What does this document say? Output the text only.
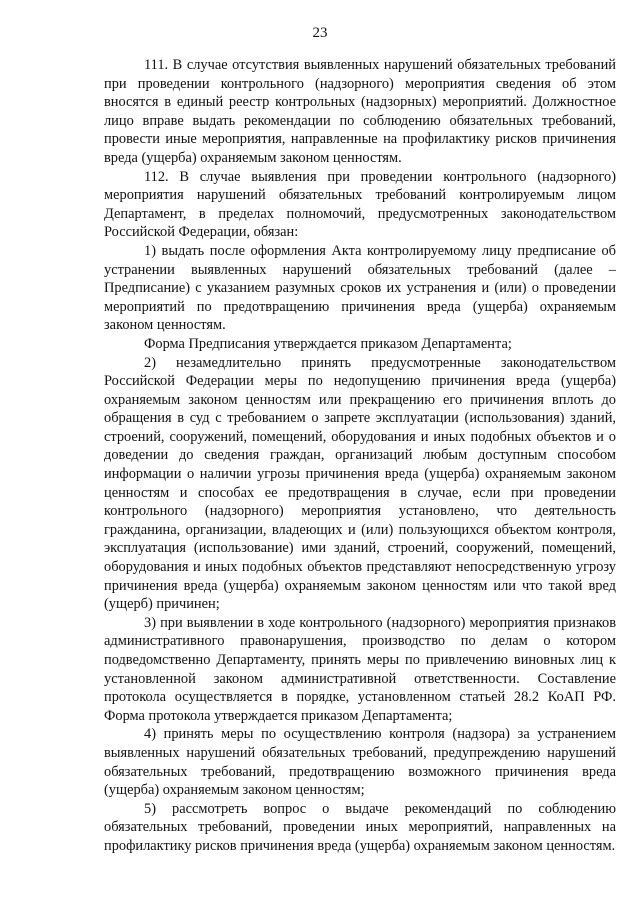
23

111. В случае отсутствия выявленных нарушений обязательных требований при проведении контрольного (надзорного) мероприятия сведения об этом вносятся в единый реестр контрольных (надзорных) мероприятий. Должностное лицо вправе выдать рекомендации по соблюдению обязательных требований, провести иные мероприятия, направленные на профилактику рисков причинения вреда (ущерба) охраняемым законом ценностям.

112. В случае выявления при проведении контрольного (надзорного) мероприятия нарушений обязательных требований контролируемым лицом Департамент, в пределах полномочий, предусмотренных законодательством Российской Федерации, обязан:

1) выдать после оформления Акта контролируемому лицу предписание об устранении выявленных нарушений обязательных требований (далее – Предписание) с указанием разумных сроков их устранения и (или) о проведении мероприятий по предотвращению причинения вреда (ущерба) охраняемым законом ценностям.

Форма Предписания утверждается приказом Департамента;

2) незамедлительно принять предусмотренные законодательством Российской Федерации меры по недопущению причинения вреда (ущерба) охраняемым законом ценностям или прекращению его причинения вплоть до обращения в суд с требованием о запрете эксплуатации (использования) зданий, строений, сооружений, помещений, оборудования и иных подобных объектов и о доведении до сведения граждан, организаций любым доступным способом информации о наличии угрозы причинения вреда (ущерба) охраняемым законом ценностям и способах ее предотвращения в случае, если при проведении контрольного (надзорного) мероприятия установлено, что деятельность гражданина, организации, владеющих и (или) пользующихся объектом контроля, эксплуатация (использование) ими зданий, строений, сооружений, помещений, оборудования и иных подобных объектов представляют непосредственную угрозу причинения вреда (ущерба) охраняемым законом ценностям или что такой вред (ущерб) причинен;

3) при выявлении в ходе контрольного (надзорного) мероприятия признаков административного правонарушения, производство по делам о котором подведомственно Департаменту, принять меры по привлечению виновных лиц к установленной законом административной ответственности. Составление протокола осуществляется в порядке, установленном статьей 28.2 КоАП РФ. Форма протокола утверждается приказом Департамента;

4) принять меры по осуществлению контроля (надзора) за устранением выявленных нарушений обязательных требований, предупреждению нарушений обязательных требований, предотвращению возможного причинения вреда (ущерба) охраняемым законом ценностям;

5) рассмотреть вопрос о выдаче рекомендаций по соблюдению обязательных требований, проведении иных мероприятий, направленных на профилактику рисков причинения вреда (ущерба) охраняемым законом ценностям.
